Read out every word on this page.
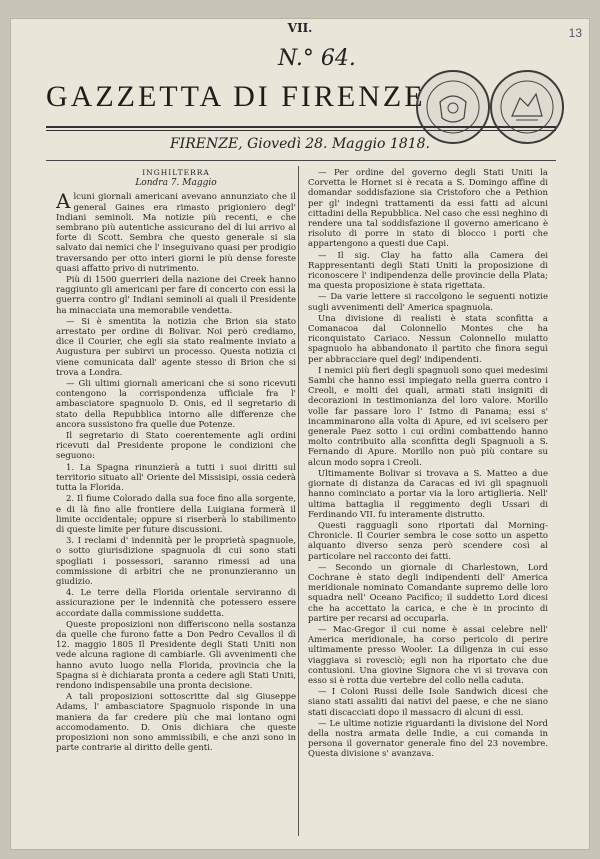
VII.	13
N.° 64.
GAZZETTA DI FIRENZE
FIRENZE, Giovedì 28. Maggio 1818.
INGHILTERRA
Londra 7. Maggio

Alcuni giornali americani avevano annunziato che il general Gaines era rimasto prigioniero degl' Indiani seminoli. Ma notizie più recenti, e che sembrano più autentiche assicurano del di lui arrivo al forte di Scott. Sembra che questo generale si sia salvato dai nemici che l' inseguivano quasi per prodigio traversando per otto interi giorni le più dense foreste quasi affatto privo di nutrimento.

Più di 1500 guerrieri della nazione dei Creek hanno raggiunto gli americani per fare di concerto con essi la guerra contro gl' Indiani seminoli ai quali il Presidente ha minacciata una memorabile vendetta.

— Si è smentita la notizia che Brion sia stato arrestato per ordine di Bolivar. Noi però crediamo, dice il Courier, che egli sia stato realmente inviato a Augustura per subirvi un processo. Questa notizia ci viene comunicata dall' agente stesso di Brion che si trova a Londra.

— Gli ultimi giornali americani che si sono ricevuti contengono la corrispondenza ufficiale fra l' ambasciatore spagnuolo D. Onis, ed il segretario di stato della Repubblica intorno alle differenze che ancora sussistono fra quelle due Potenze.

Il segretario di Stato coerentemente agli ordini ricevuti dal Presidente propone le condizioni che seguono:

1. La Spagna rinunzierà a tutti i suoi diritti sul territorio situato all' Oriente del Missisipi, ossia cederà tutta la Florida.

2. Il fiume Colorado dalla sua foce fino alla sorgente, e di là fino alle frontiere della Luigiana formerà il limite occidentale; oppure si riserberà lo stabilimento di queste limite per future discussioni.

3. I reclami d' indennità per le proprietà spagnuole, o sotto giurisdizione spagnuola di cui sono stati spogliati i possessori, saranno rimessi ad una commissione di arbitri che ne pronunzieranno un giudizio.

4. Le terre della Florida orientale serviranno di assicurazione per le indennità che potessero essere accordate dalla commissione suddetta.

Queste proposizioni non differiscono nella sostanza da quelle che furono fatte a Don Pedro Cevallos il dì 12. maggio 1805 Il Presidente degli Stati Uniti non vede alcuna ragione di cambiarle. Gli avvenimenti che hanno avuto luogo nella Florida, provincia che la Spagna si è dichiarata pronta a cedere agli Stati Uniti, rendono indispensabile una pronta decisione.

A tali proposizioni sottoscritte dal sig Giuseppe Adams, l' ambasciatore Spagnuolo risponde in una maniera da far credere più che mai lontano ogni accomodamento. D. Onis dichiara che queste proposizioni non sono ammissibili, e che anzi sono in parte contrarie al diritto delle genti.

— Per ordine del governo degli Stati Uniti la Corvetta le Hornet si è recata a S. Domingo affine di domandar soddisfazione sia Cristoforo che a Pethion per gl' indegni trattamenti da essi fatti ad alcuni cittadini della Repubblica. Nel caso che essi neghino di rendere una tal soddisfazione il governo americano è risoluto di porre in stato di blocco i porti che appartengono a questi due Capi.

— Il sig. Clay ha fatto alla Camera dei Rappresentanti degli Stati Uniti la proposizione di riconoscere l' indipendenza delle provincie della Plata; ma questa proposizione è stata rigettata.

— Da varie lettere si raccolgono le seguenti notizie sugli avvenimenti dell' America spagnuola.

Una divisione di realisti è stata sconfitta a Comanacoa dal Colonnello Montes che ha riconquistato Cariaco. Nessun Colonnello mulatto spagnuolo ha abbandonato il partito che finora seguì per abbracciare quel degl' indipendenti.

I nemici più fieri degli spagnuoli sono quei medesimi Sambi che hanno essi impiegato nella guerra contro i Creoli, e molti dei quali, armati stati insigniti di decorazioni in testimonianza del loro valore. Morillo volle far passare loro l' Istmo di Panama; essi s' incamminarono alla volta di Apure, ed ivi scelsero per generale Paez sotto i cui ordini combattendo hanno molto contribuito alla sconfitta degli Spagnuoli a S. Fernando di Apure. Morillo non può più contare su alcun modo sopra i Creoli.

Ultimamente Bolivar si trovava a S. Matteo a due giornate di distanza da Caracas ed ivi gli spagnuoli hanno cominciato a portar via la loro artiglieria. Nell' ultima battaglia il reggimento degli Ussari di Ferdinando VII. fu interamente distrutto.

Questi ragguagli sono riportati dal Morning-Chronicle. Il Courier sembra le cose sotto un aspetto alquanto diverso senza però scendere così al particolare nel racconto dei fatti.

— Secondo un giornale di Charlestown, Lord Cochrane è stato degli indipendenti dell' America meridionale nominato Comandante supremo delle loro squadra nell' Oceano Pacifico; il suddetto Lord dicesi che ha accettato la carica, e che è in procinto di partire per recarsi ad occuparla.

— Mac-Gregor il cui nome è assai celebre nell' America meridionale, ha corso pericolo di perire ultimamente presso Wooler. La diligenza in cui esso viaggiava si rovesciò; egli non ha riportato che due contusioni. Una giovine Signora che vi si trovava con esso si è rotta due vertebre del collo nella caduta.

— I Coloni Russi delle Isole Sandwich dicesi che siano stati assaliti dai nativi del paese, e che ne siano stati discacciati dopo il massacro di alcuni di essi.

— Le ultime notizie riguardanti la divisione del Nord della nostra armata delle Indie, a cui comanda in persona il governator generale fino del 23 novembre. Questa divisione s' avanzava.
